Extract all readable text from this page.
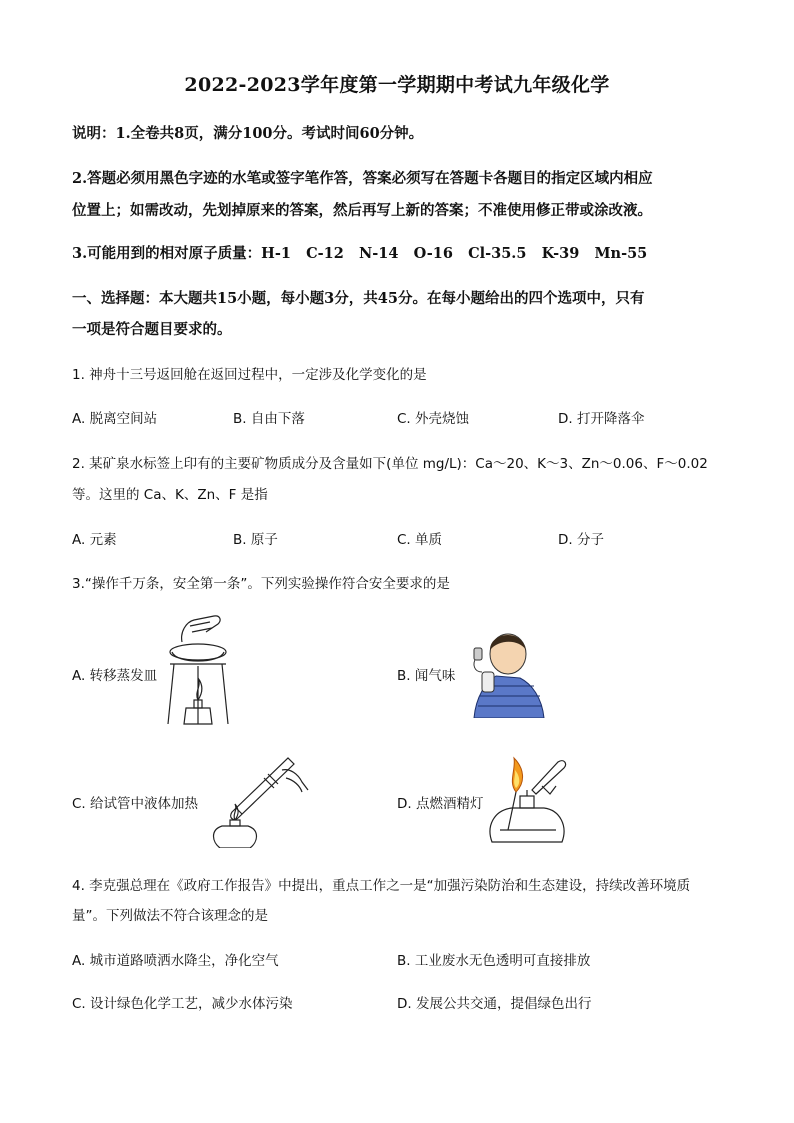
2022-2023学年度第一学期期中考试九年级化学
说明：1.全卷共8页，满分100分。考试时间60分钟。
2.答题必须用黑色字迹的水笔或签字笔作答，答案必须写在答题卡各题目的指定区域内相应
位置上；如需改动，先划掉原来的答案，然后再写上新的答案；不准使用修正带或涂改液。
3.可能用到的相对原子质量：H-1   C-12   N-14   O-16   Cl-35.5   K-39   Mn-55
一、选择题：本大题共15小题，每小题3分，共45分。在每小题给出的四个选项中，只有
一项是符合题目要求的。
1. 神舟十三号返回舱在返回过程中，一定涉及化学变化的是
A. 脱离空间站	B. 自由下落	C. 外壳烧蚀	D. 打开降落伞
2. 某矿泉水标签上印有的主要矿物质成分及含量如下(单位 mg/L)：Ca～20、K～3、Zn～0.06、F～0.02
等。这里的 Ca、K、Zn、F 是指
A. 元素	B. 原子	C. 单质	D. 分子
3.“操作千万条，安全第一条”。下列实验操作符合安全要求的是
A. 转移蒸发皿	B. 闻气味
C. 给试管中液体加热	D. 点燃酒精灯
4. 李克强总理在《政府工作报告》中提出，重点工作之一是“加强污染防治和生态建设，持续改善环境质
量”。下列做法不符合该理念的是
A. 城市道路喷洒水降尘，净化空气	B. 工业废水无色透明可直接排放
C. 设计绿色化学工艺，减少水体污染	D. 发展公共交通，提倡绿色出行
